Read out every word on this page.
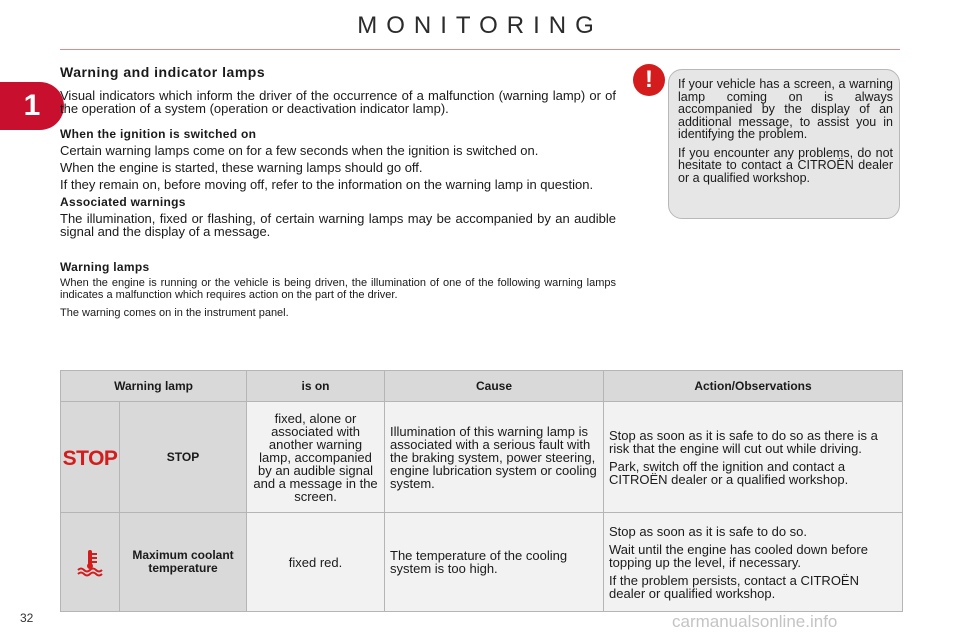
MONITORING
1
Warning and indicator lamps

Visual indicators which inform the driver of the occurrence of a malfunction (warning lamp) or of the operation of a system (operation or deactivation indicator lamp).

When the ignition is switched on

Certain warning lamps come on for a few seconds when the ignition is switched on.

When the engine is started, these warning lamps should go off.

If they remain on, before moving off, refer to the information on the warning lamp in question.

Associated warnings

The illumination, fixed or flashing, of certain warning lamps may be accompanied by an audible signal and the display of a message.

Warning lamps

When the engine is running or the vehicle is being driven, the illumination of one of the following warning lamps indicates a malfunction which requires action on the part of the driver.

The warning comes on in the instrument panel.

!	If your vehicle has a screen, a warning lamp coming on is always accompanied by the display of an additional message, to assist you in identifying the problem.

If you encounter any problems, do not hesitate to contact a CITROËN dealer or a qualified workshop.

Warning lamp		is on	Cause	Action/Observations

STOP	STOP	fixed, alone or associated with another warning lamp, accompanied by an audible signal and a message in the screen.	Illumination of this warning lamp is associated with a serious fault with the braking system, power steering, engine lubrication system or cooling system.	Stop as soon as it is safe to do so as there is a risk that the engine will cut out while driving.

Park, switch off the ignition and contact a CITROËN dealer or a qualified workshop.

	Maximum coolant temperature	fixed red.	The temperature of the cooling system is too high.	Stop as soon as it is safe to do so.

Wait until the engine has cooled down before topping up the level, if necessary.

If the problem persists, contact a CITROËN dealer or qualified workshop.

32	carmanualsonline.info
